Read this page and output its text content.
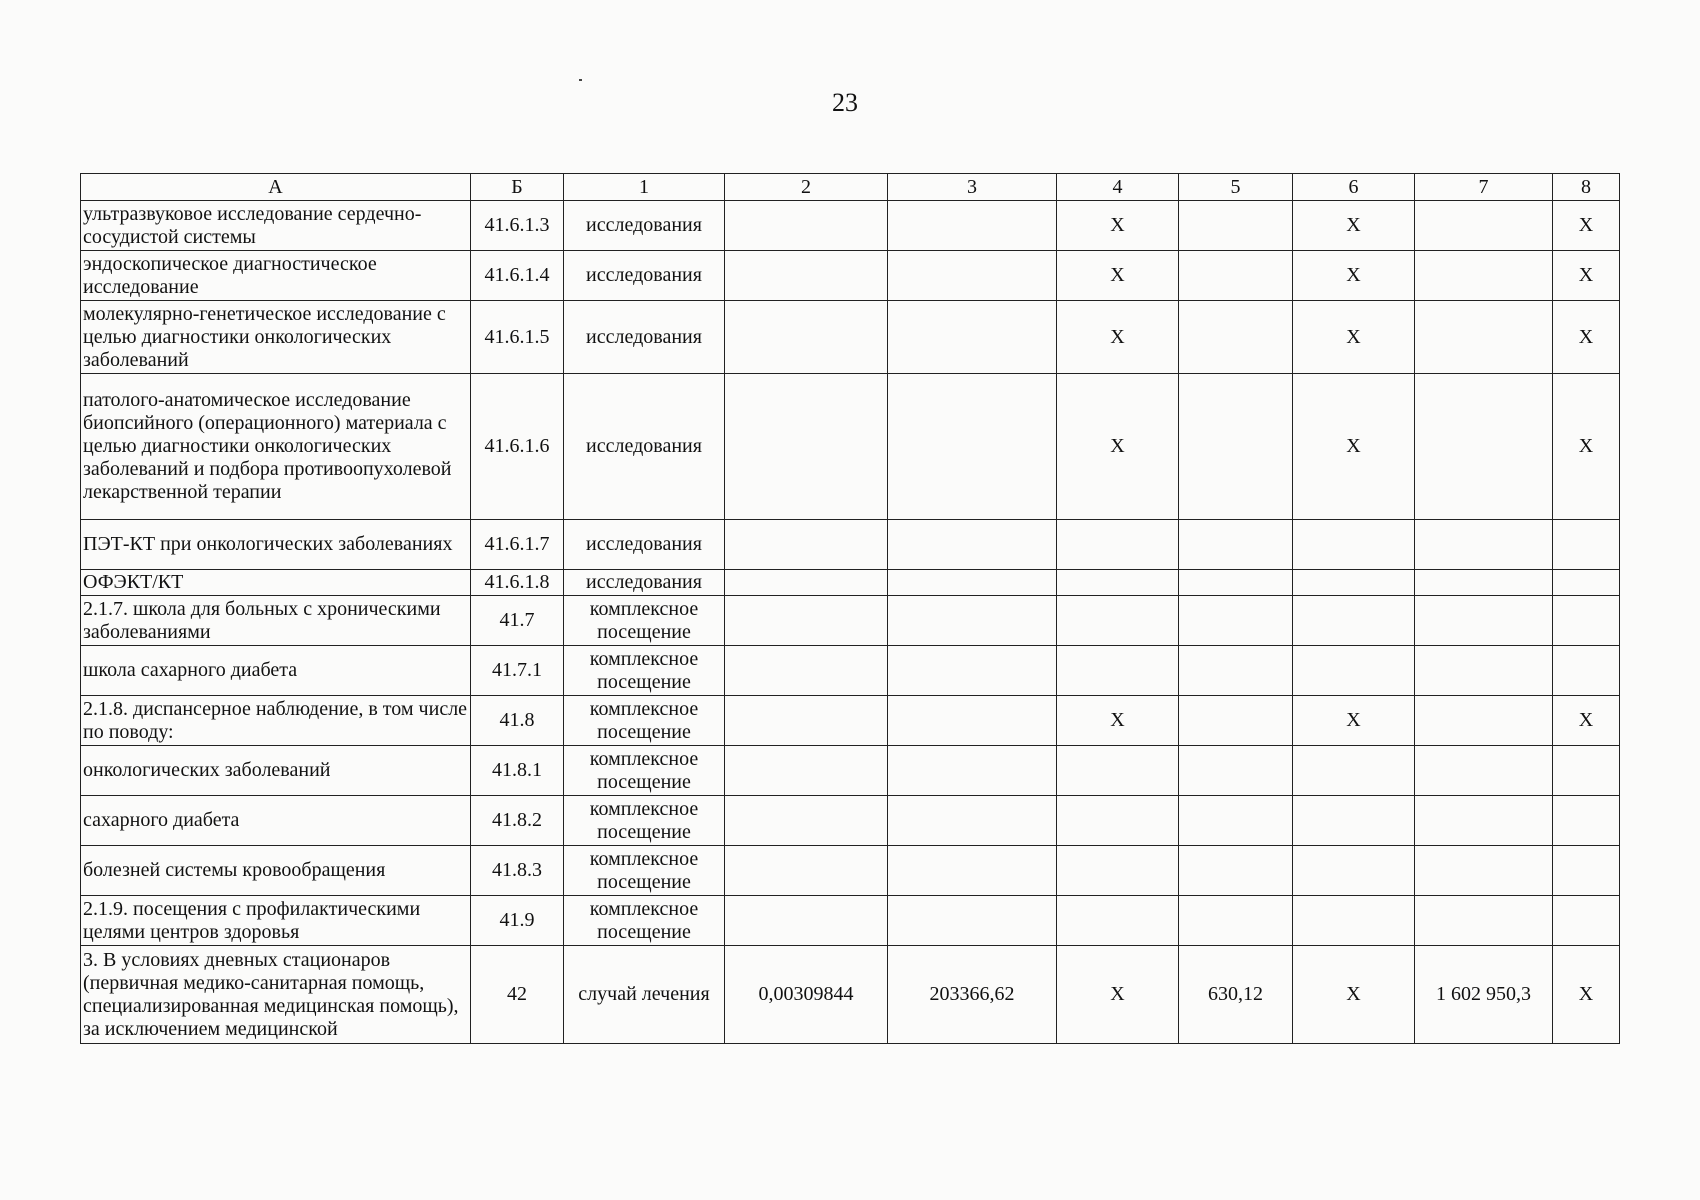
23
А	Б	1	2	3	4	5	6	7	8
ультразвуковое исследование сердечно-сосудистой системы	41.6.1.3	исследования			X		X		X
эндоскопическое диагностическое исследование	41.6.1.4	исследования			X		X		X
молекулярно-генетическое исследование с целью диагностики онкологических заболеваний	41.6.1.5	исследования			X		X		X
патолого-анатомическое исследование биопсийного (операционного) материала с целью диагностики онкологических заболеваний и подбора противоопухолевой лекарственной терапии	41.6.1.6	исследования			X		X		X
ПЭТ-КТ при онкологических заболеваниях	41.6.1.7	исследования							
ОФЭКТ/КТ	41.6.1.8	исследования							
2.1.7. школа для больных с хроническими заболеваниями	41.7	комплексное посещение							
школа сахарного диабета	41.7.1	комплексное посещение							
2.1.8. диспансерное наблюдение, в том числе по поводу:	41.8	комплексное посещение			X		X		X
онкологических заболеваний	41.8.1	комплексное посещение							
сахарного диабета	41.8.2	комплексное посещение							
болезней системы кровообращения	41.8.3	комплексное посещение							
2.1.9. посещения с профилактическими целями центров здоровья	41.9	комплексное посещение							
3. В условиях дневных стационаров (первичная медико-санитарная помощь, специализированная медицинская помощь), за исключением медицинской	42	случай лечения	0,00309844	203366,62	X	630,12	X	1 602 950,3	X
